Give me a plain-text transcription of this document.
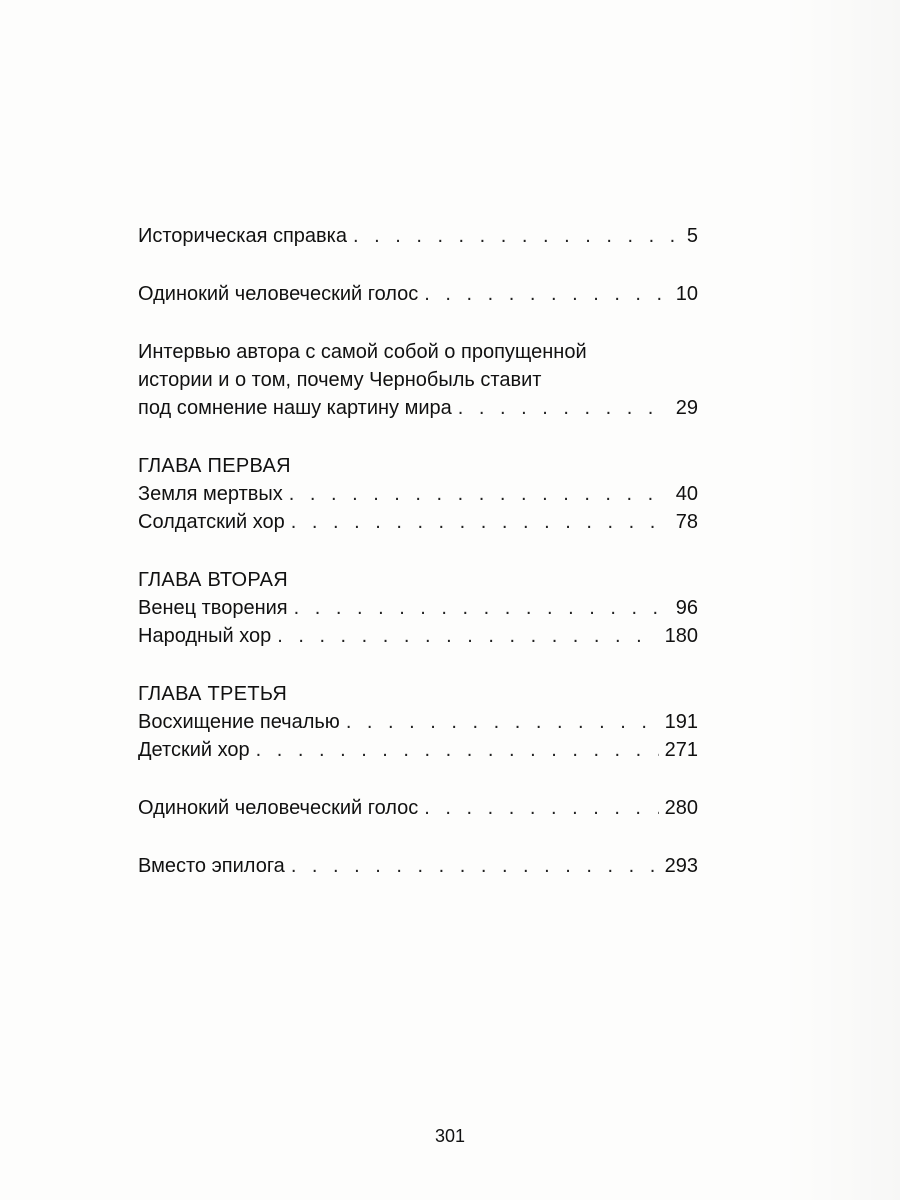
Историческая справка . . .	5
Одинокий человеческий голос . . .	10
Интервью автора с самой собой о пропущенной
истории и о том, почему Чернобыль ставит
под сомнение нашу картину мира . . .	29
ГЛАВА ПЕРВАЯ
Земля мертвых . . .	40
Солдатский хор . . .	78
ГЛАВА ВТОРАЯ
Венец творения . . .	96
Народный хор . . .	180
ГЛАВА ТРЕТЬЯ
Восхищение печалью . . .	191
Детский хор . . .	271
Одинокий человеческий голос . . .	280
Вместо эпилога . . .	293
301
